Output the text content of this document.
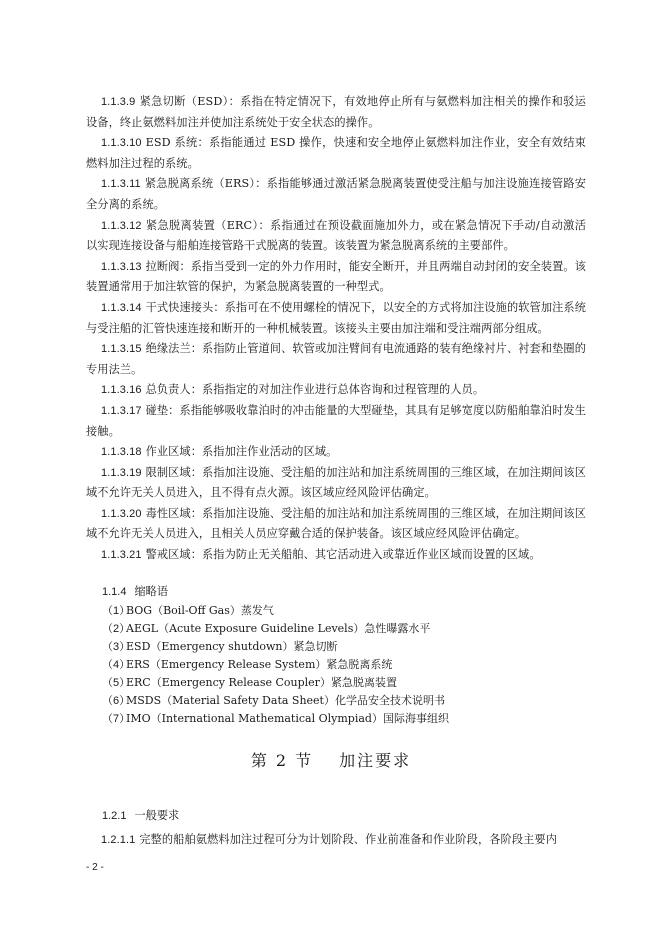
1.1.3.9 紧急切断（ESD）：系指在特定情况下，有效地停止所有与氨燃料加注相关的操作和驳运设备，终止氨燃料加注并使加注系统处于安全状态的操作。

1.1.3.10 ESD 系统：系指能通过 ESD 操作，快速和安全地停止氨燃料加注作业，安全有效结束燃料加注过程的系统。

1.1.3.11 紧急脱离系统（ERS）：系指能够通过激活紧急脱离装置使受注船与加注设施连接管路安全分离的系统。

1.1.3.12 紧急脱离装置（ERC）：系指通过在预设截面施加外力，或在紧急情况下手动/自动激活以实现连接设备与船舶连接管路干式脱离的装置。该装置为紧急脱离系统的主要部件。

1.1.3.13 拉断阀：系指当受到一定的外力作用时，能安全断开，并且两端自动封闭的安全装置。该装置通常用于加注软管的保护，为紧急脱离装置的一种型式。

1.1.3.14 干式快速接头：系指可在不使用螺栓的情况下，以安全的方式将加注设施的软管加注系统与受注船的汇管快速连接和断开的一种机械装置。该接头主要由加注端和受注端两部分组成。

1.1.3.15 绝缘法兰：系指防止管道间、软管或加注臂间有电流通路的装有绝缘衬片、衬套和垫圈的专用法兰。

1.1.3.16 总负责人：系指指定的对加注作业进行总体咨询和过程管理的人员。

1.1.3.17 碰垫：系指能够吸收靠泊时的冲击能量的大型碰垫，其具有足够宽度以防船舶靠泊时发生接触。

1.1.3.18 作业区域：系指加注作业活动的区域。

1.1.3.19 限制区域：系指加注设施、受注船的加注站和加注系统周围的三维区域，在加注期间该区域不允许无关人员进入，且不得有点火源。该区域应经风险评估确定。

1.1.3.20 毒性区域：系指加注设施、受注船的加注站和加注系统周围的三维区域，在加注期间该区域不允许无关人员进入，且相关人员应穿戴合适的保护装备。该区域应经风险评估确定。

1.1.3.21 警戒区域：系指为防止无关船舶、其它活动进入或靠近作业区域而设置的区域。

1.1.4 缩略语

（1）BOG（Boil-Off Gas）蒸发气

（2）AEGL（Acute Exposure Guideline Levels）急性曝露水平

（3）ESD（Emergency shutdown）紧急切断

（4）ERS（Emergency Release System）紧急脱离系统

（5）ERC（Emergency Release Coupler）紧急脱离装置

（6）MSDS（Material Safety Data Sheet）化学品安全技术说明书

（7）IMO（International Mathematical Olympiad）国际海事组织

第 2 节 加注要求

1.2.1 一般要求

1.2.1.1 完整的船舶氨燃料加注过程可分为计划阶段、作业前准备和作业阶段，各阶段主要内

- 2 -
